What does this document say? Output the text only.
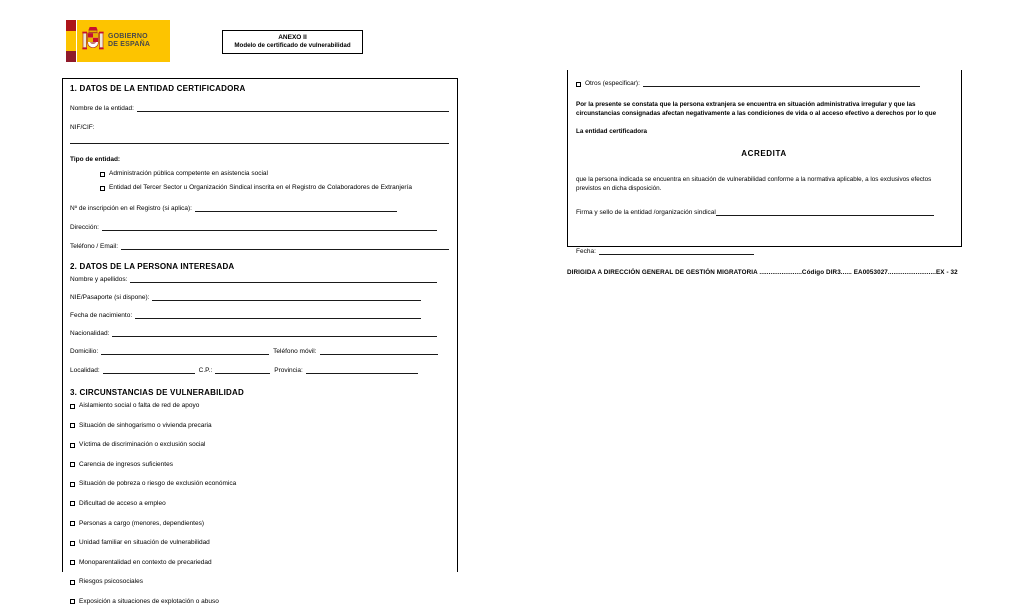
GOBIERNO
DE ESPAÑA
ANEXO II
Modelo de certificado de vulnerabilidad
1. DATOS DE LA ENTIDAD CERTIFICADORA
Nombre de la entidad:
NIF/CIF:
Tipo de entidad:
Administración pública competente en asistencia social
Entidad del Tercer Sector u Organización Sindical inscrita en el Registro de Colaboradores de Extranjería
Nº de inscripción en el Registro (si aplica):
Dirección:
Teléfono / Email:
2. DATOS DE LA PERSONA INTERESADA
Nombre y apellidos:
NIE/Pasaporte (si dispone):
Fecha de nacimiento:
Nacionalidad:
Domicilio:	Teléfono móvil:
Localidad:	C.P.:	Provincia:
3. CIRCUNSTANCIAS DE VULNERABILIDAD
Aislamiento social o falta de red de apoyo
Situación de sinhogarismo o vivienda precaria
Víctima de discriminación o exclusión social
Carencia de ingresos suficientes
Situación de pobreza o riesgo de exclusión económica
Dificultad de acceso a empleo
Personas a cargo (menores, dependientes)
Unidad familiar en situación de vulnerabilidad
Monoparentalidad en contexto de precariedad
Riesgos psicosociales
Exposición a situaciones de explotación o abuso
Otros (especificar):

Por la presente se constata que la persona extranjera se encuentra en situación administrativa irregular y que las circunstancias consignadas afectan negativamente a las condiciones de vida o al acceso efectivo a derechos por lo que

La entidad certificadora

ACREDITA

que la persona indicada se encuentra en situación de vulnerabilidad conforme a la normativa aplicable, a los exclusivos efectos previstos en dicha disposición.

Firma y sello de la entidad /organización sindical
Fecha:
DIRIGIDA A DIRECCIÓN GENERAL DE GESTIÓN MIGRATORIA .......................Código DIR3...... EA0053027..........................EX - 32
